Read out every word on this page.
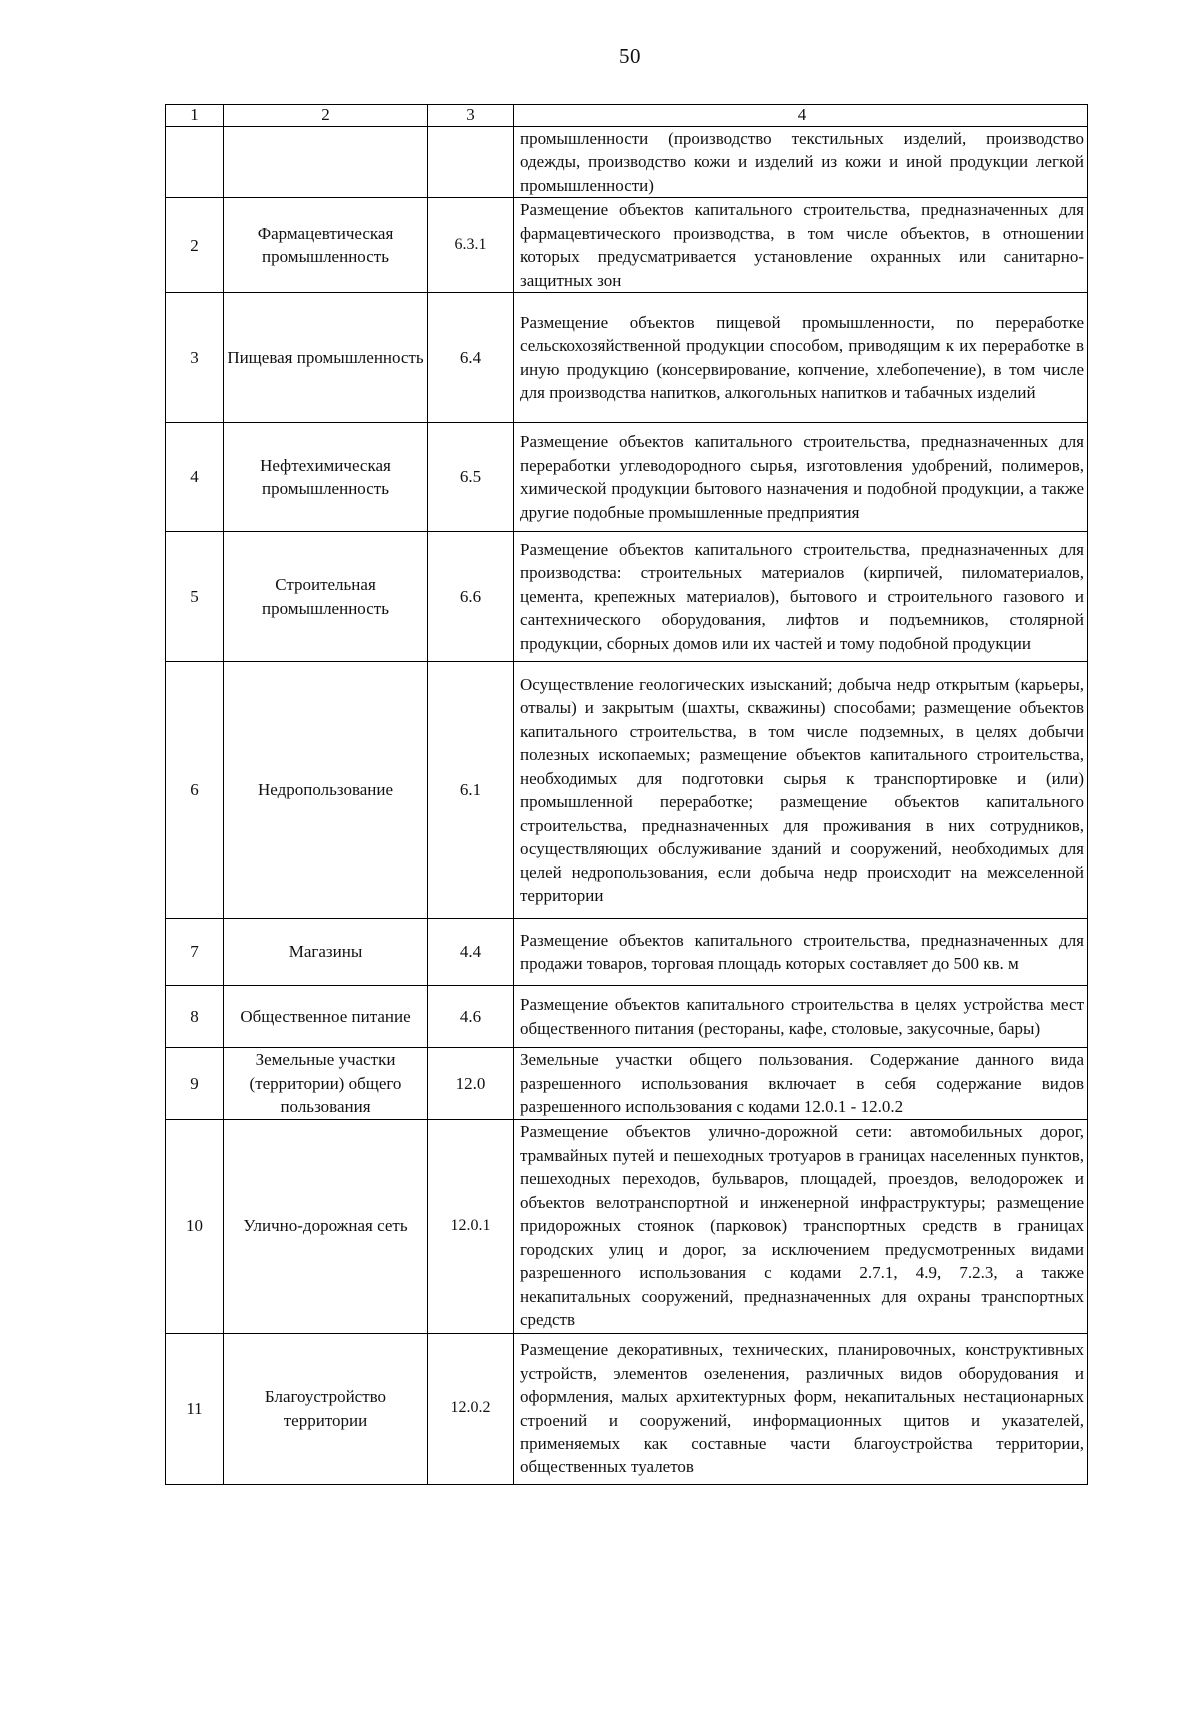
50
1	2	3	4
			промышленности (производство текстильных изделий, производство одежды, производство кожи и изделий из кожи и иной продукции легкой промышленности)
2	Фармацевтическая промышленность	6.3.1	Размещение объектов капитального строительства, предназначенных для фармацевтического производства, в том числе объектов, в отношении которых предусматривается установление охранных или санитарно-защитных зон
3	Пищевая промышленность	6.4	Размещение объектов пищевой промышленности, по переработке сельскохозяйственной продукции способом, приводящим к их переработке в иную продукцию (консервирование, копчение, хлебопечение), в том числе для производства напитков, алкогольных напитков и табачных изделий
4	Нефтехимическая промышленность	6.5	Размещение объектов капитального строительства, предназначенных для переработки углеводородного сырья, изготовления удобрений, полимеров, химической продукции бытового назначения и подобной продукции, а также другие подобные промышленные предприятия
5	Строительная промышленность	6.6	Размещение объектов капитального строительства, предназначенных для производства: строительных материалов (кирпичей, пиломатериалов, цемента, крепежных материалов), бытового и строительного газового и сантехнического оборудования, лифтов и подъемников, столярной продукции, сборных домов или их частей и тому подобной продукции
6	Недропользование	6.1	Осуществление геологических изысканий; добыча недр открытым (карьеры, отвалы) и закрытым (шахты, скважины) способами; размещение объектов капитального строительства, в том числе подземных, в целях добычи полезных ископаемых; размещение объектов капитального строительства, необходимых для подготовки сырья к транспортировке и (или) промышленной переработке; размещение объектов капитального строительства, предназначенных для проживания в них сотрудников, осуществляющих обслуживание зданий и сооружений, необходимых для целей недропользования, если добыча недр происходит на межселенной территории
7	Магазины	4.4	Размещение объектов капитального строительства, предназначенных для продажи товаров, торговая площадь которых составляет до 500 кв. м
8	Общественное питание	4.6	Размещение объектов капитального строительства в целях устройства мест общественного питания (рестораны, кафе, столовые, закусочные, бары)
9	Земельные участки (территории) общего пользования	12.0	Земельные участки общего пользования. Содержание данного вида разрешенного использования включает в себя содержание видов разрешенного использования с кодами 12.0.1 - 12.0.2
10	Улично-дорожная сеть	12.0.1	Размещение объектов улично-дорожной сети: автомобильных дорог, трамвайных путей и пешеходных тротуаров в границах населенных пунктов, пешеходных переходов, бульваров, площадей, проездов, велодорожек и объектов велотранспортной и инженерной инфраструктуры; размещение придорожных стоянок (парковок) транспортных средств в границах городских улиц и дорог, за исключением предусмотренных видами разрешенного использования с кодами 2.7.1, 4.9, 7.2.3, а также некапитальных сооружений, предназначенных для охраны транспортных средств
11	Благоустройство территории	12.0.2	Размещение декоративных, технических, планировочных, конструктивных устройств, элементов озеленения, различных видов оборудования и оформления, малых архитектурных форм, некапитальных нестационарных строений и сооружений, информационных щитов и указателей, применяемых как составные части благоустройства территории, общественных туалетов
